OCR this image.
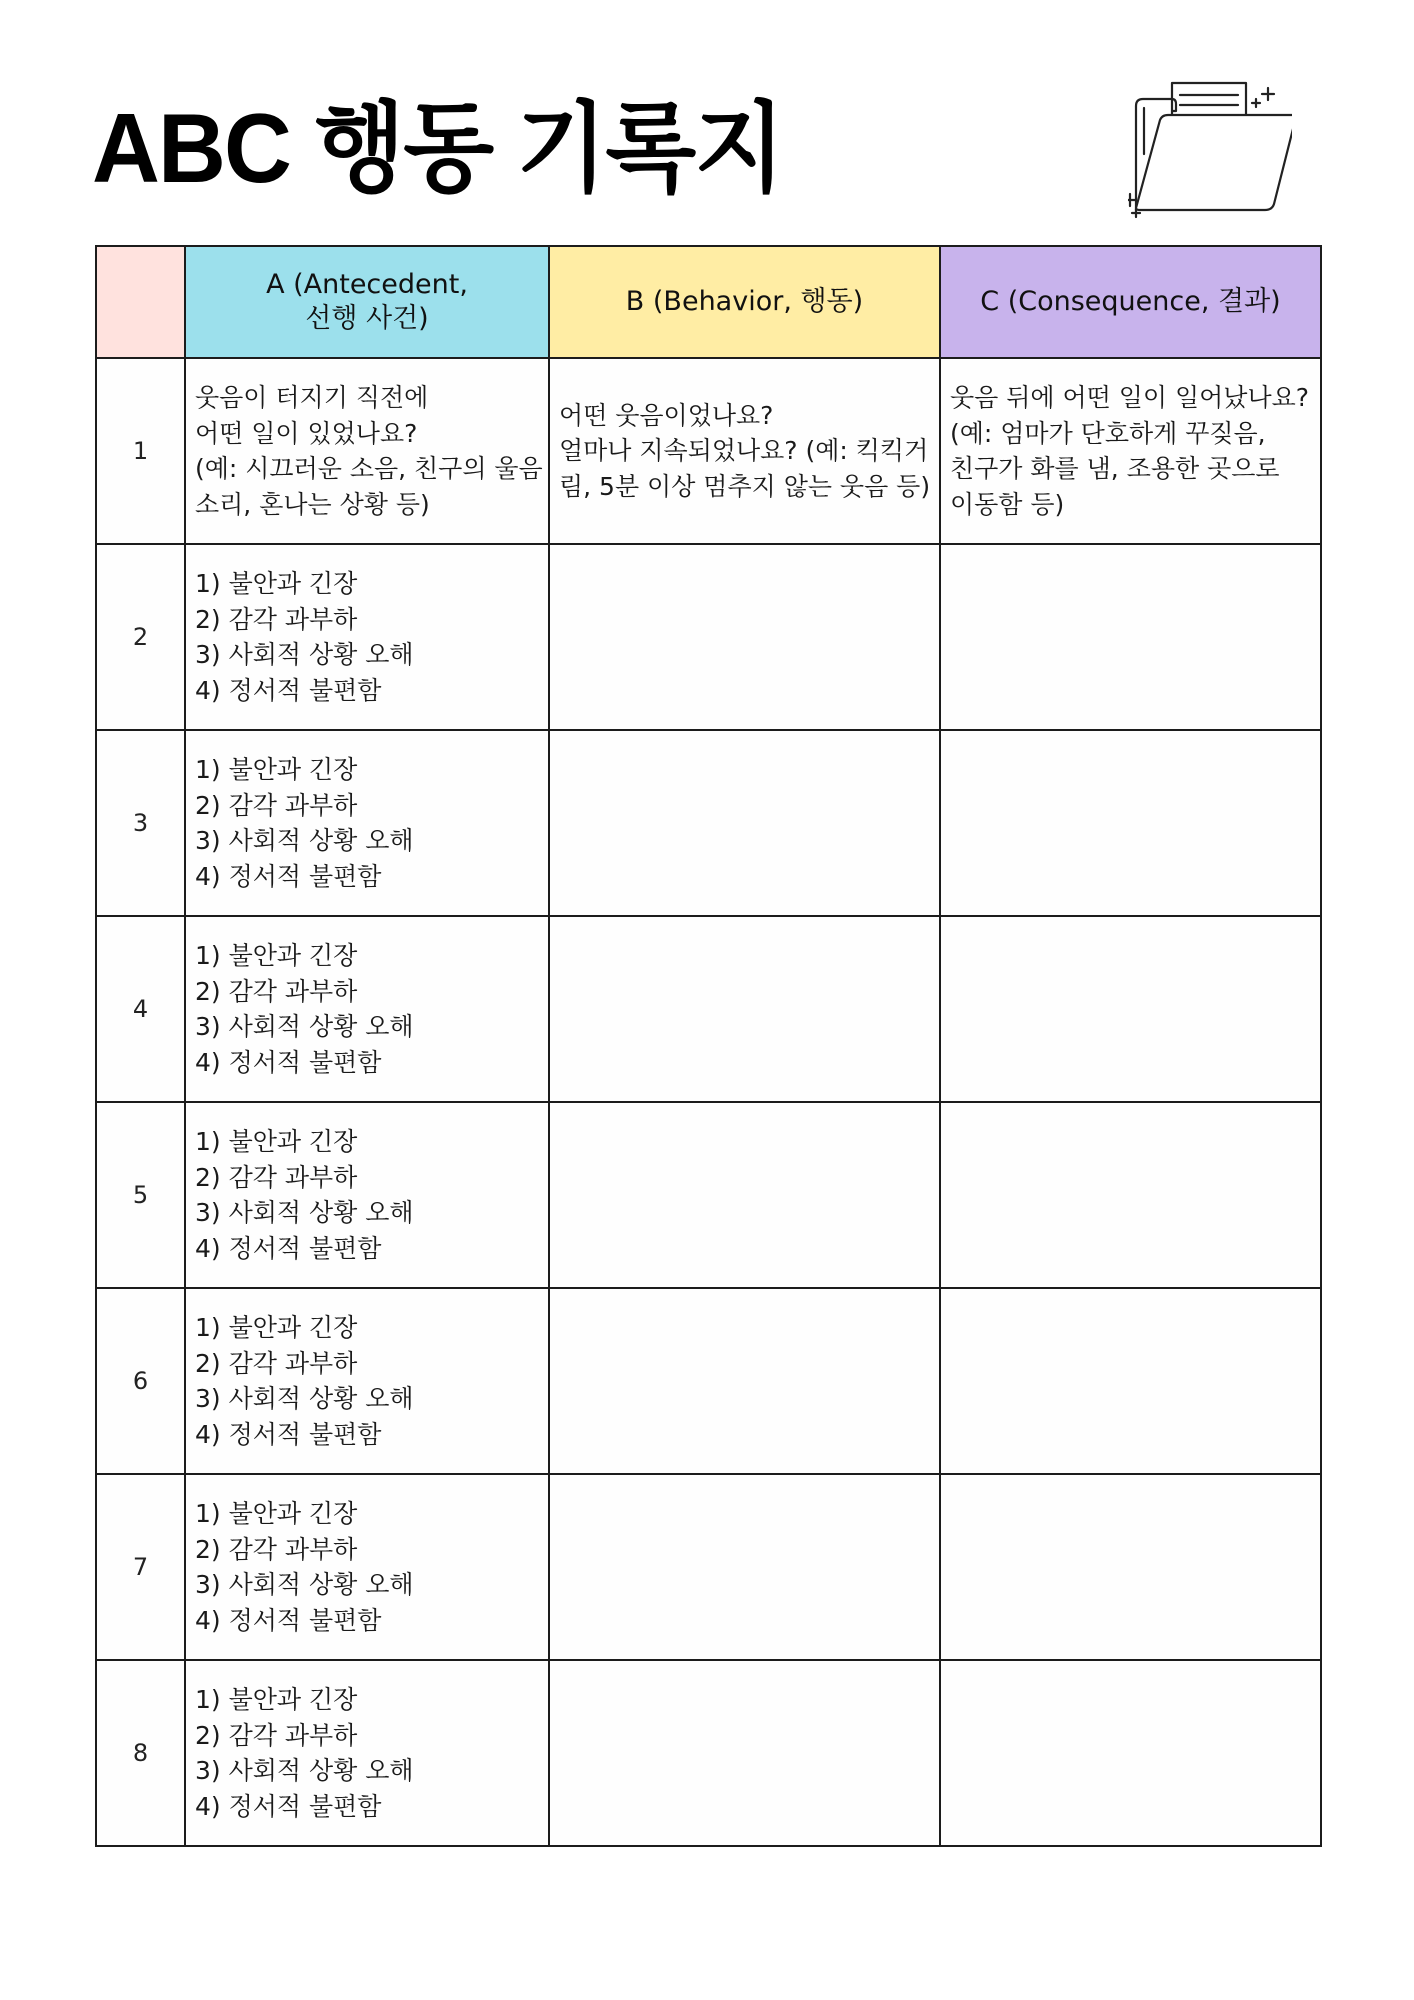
ABC 행동 기록지

	A (Antecedent,
선행 사건)	B (Behavior, 행동)	C (Consequence, 결과)
1	웃음이 터지기 직전에
어떤 일이 있었나요?
(예: 시끄러운 소음, 친구의 울음
소리, 혼나는 상황 등)	어떤 웃음이었나요?
얼마나 지속되었나요? (예: 킥킥거
림, 5분 이상 멈추지 않는 웃음 등)	웃음 뒤에 어떤 일이 일어났나요?
(예: 엄마가 단호하게 꾸짖음,
친구가 화를 냄, 조용한 곳으로
이동함 등)

2	1) 불안과 긴장
2) 감각 과부하
3) 사회적 상황 오해
4) 정서적 불편함		

3	1) 불안과 긴장
2) 감각 과부하
3) 사회적 상황 오해
4) 정서적 불편함		

4	1) 불안과 긴장
2) 감각 과부하
3) 사회적 상황 오해
4) 정서적 불편함		

5	1) 불안과 긴장
2) 감각 과부하
3) 사회적 상황 오해
4) 정서적 불편함		

6	1) 불안과 긴장
2) 감각 과부하
3) 사회적 상황 오해
4) 정서적 불편함		

7	1) 불안과 긴장
2) 감각 과부하
3) 사회적 상황 오해
4) 정서적 불편함		

8	1) 불안과 긴장
2) 감각 과부하
3) 사회적 상황 오해
4) 정서적 불편함		
